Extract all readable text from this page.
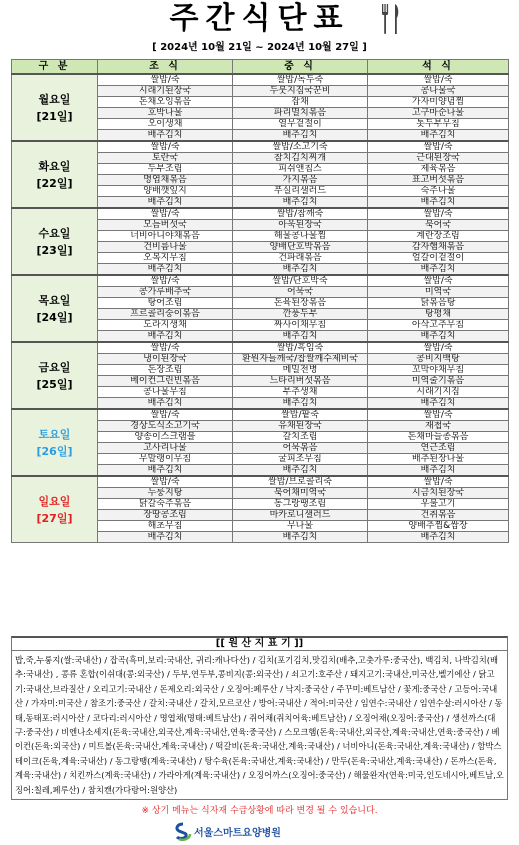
주간식단표
[ 2024년 10월 21일 ~ 2024년 10월 27일 ]
구 분	조 식	중 식	석 식

월요일
[21일]	쌀밥/죽	쌀밥/녹두죽	쌀밥/죽
	시래기된장국	두붓지짐국꾼비	콩나물국
	돈채오잉볶음	잡채	가자미양념찜
	호박나물	파리멸치볶음	고구마순나물
	오이생채	열무겉절이	톳두부무침
	배추김치	배추김치	배추김치

화요일
[22일]	쌀밥/죽	쌀밥/소고기죽	쌀밥/죽
	토란국	참치김치찌개	근대된장국
	두부조림	피쉬앤칩스	제육볶음
	명엽채볶음	가지볶음	표고버섯볶음
	양배깻잎지	푸실리샐러드	숙주나물
	배추김치	배추김치	배추김치

수요일
[23일]	쌀밥/죽	쌀밥/참깨죽	쌀밥/죽
	모듬버섯국	아욱된장국	북어국
	너비아니야채볶음	해물콩나물찜	계란장조림
	건비름나물	양배단호박볶음	감자햄채볶음
	오복지무침	건파래볶음	얼갈이겉절이
	배추김치	배추김치	배추김치

목요일
[24일]	쌀밥/죽	쌀밥/단호박죽	쌀밥/죽
	콩가루배추국	어묵국	미역국
	탕어조림	돈육된장볶음	닭볶음탕
	프르콜리숭이볶음	깐풍두부	탕평채
	도라지생채	짜사이채무침	아삭고추무침
	배추김치	배추김치	배추김치

금요일
[25일]	쌀밥/죽	쌀밥/흑임죽	쌀밥/죽
	냉이된장국	환원자들깨국/찹쌀깨수제비국	콩비지백탕
	돈장조림	메밀전병	꼬막야채무침
	베이컨그린빈볶음	느타리버섯볶음	미역줄기볶음
	콩나물무침	부추생채	시래기지짐
	배추김치	배추김치	배추김치

토요일
[26일]	쌀밥/죽	쌀밥/팥죽	쌀밥/죽
	경상도식소고기국	유채된장국	재첩국
	양송이스크램블	갈치조림	돈채마늘종볶음
	고사리나물	어묵볶음	연근조림
	무말랭이무침	굴피조무침	배추된장나물
	배추김치	배추김치	배추김치

일요일
[27일]	쌀밥/죽	쌀밥/브로콜리죽	쌀밥/죽
	누룽지탕	북어채미역국	시금치된장국
	닭갈숙주볶음	동그랑땡조림	우불고기
	장땅콩조림	마카로니샐러드	건취볶음
	해초무침	무나물	양배추찜&쌈장
	배추김치	배추김치	배추김치
[[ 원 산 지 표 기 ]]
밥,죽,누룽지(쌀:국내산) / 잡곡(흑미,보리:국내산, 귀리:캐나다산) / 김치(포기김치,맛김치(배추,고춧가루:중국산), 백김치, 나박김치(배추:국내산) , 콩류 혼합(이쉬대(콩:외국산) / 두부,연두부,콩비지(콩:외국산) / 쇠고기:호주산 / 돼지고기:국내산,미국산,벨기에산 / 닭고기:국내산,브라질산 / 오리고기:국내산 / 돈제오리:외국산 / 오징어:페루산 / 낙지:중국산 / 주꾸미:베트남산 / 꽃게:중국산 / 고등어:국내산 / 가자미:미국산 / 참조기:중국산 / 갈치:국내산 / 갈치,모르코산 / 방어:국내산 / 적어:미국산 / 임연수:국내산 / 임연수살:러시아산 / 동태,동태포:러시아산 / 코다리:러시아산 / 명엽채(명태:베트남산) / 쥐어채(쥐치어육:베트남산) / 오징어채(오징어:중국산) / 생선까스(대구:중국산) / 비엔나소세지(돈육:국내산,외국산,계육:국내산,연육:중국산) / 스모크햄(돈육:국내산,외국산,계육:국내산,연육:중국산) / 베이컨(돈육:외국산) / 미트볼(돈육:국내산,계육:국내산) / 떡갈비(돈육:국내산,계육:국내산) / 너비아니(돈육:국내산,계육:국내산) / 함박스테이크(돈육,계육:국내산) / 동그랑땡(계육:국내산) / 탕수육(돈육:국내산,계육:국내산) / 만두(돈육:국내산,계육:국내산) / 돈까스(돈육,계육:국내산) / 치킨까스(계육:국내산) / 가라아게(계육:국내산) / 오징어까스(오징어:중국산) / 해물완자(연육:미국,인도네시아,베트남,오징어:칠레,페루산) / 참치캔(가다랑어:원양산)
※ 상기 메뉴는 식자재 수급상황에 따라 변경 될 수 있습니다.
서울스마트요양병원
